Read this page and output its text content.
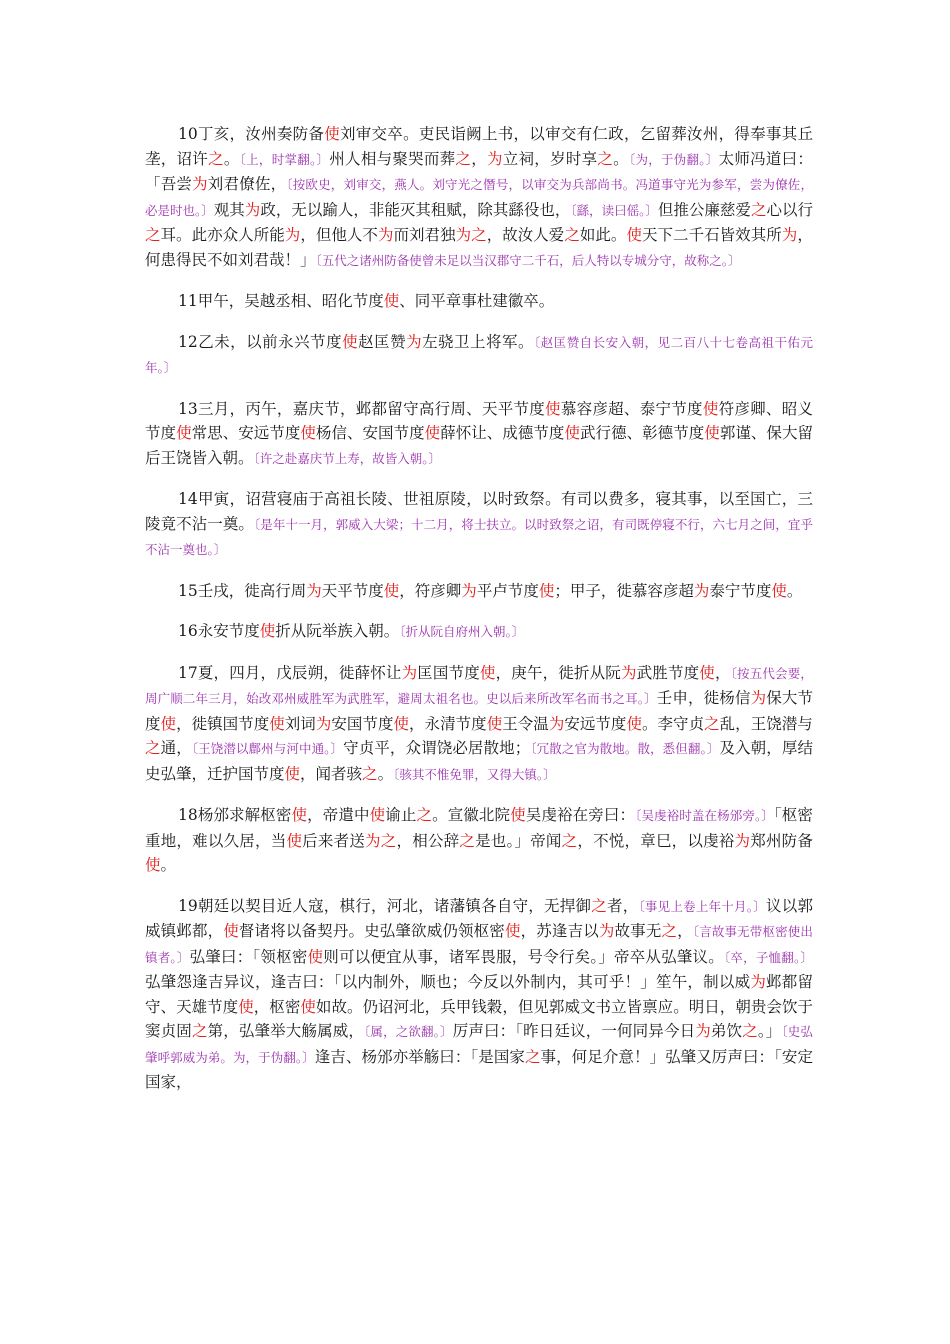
10丁亥，汝州奏防备使刘审交卒。吏民诣阙上书，以审交有仁政，乞留葬汝州，得奉事其丘垄，诏许之。〔上，时掌翻。〕州人相与聚哭而葬之，为立祠，岁时享之。〔为，于伪翻。〕太师冯道曰：「吾尝为刘君僚佐，〔按欧史，刘审交，燕人。刘守光之僭号，以审交为兵部尚书。冯道事守光为参军，尝为僚佐，必是时也。〕观其为政，无以踰人，非能灭其租赋，除其繇役也，〔繇，读曰傜。〕但推公廉慈爱之心以行之耳。此亦众人所能为，但他人不为而刘君独为之，故汝人爱之如此。使天下二千石皆效其所为，何患得民不如刘君哉！」〔五代之诸州防备使曾未足以当汉郡守二千石，后人特以专城分守，故称之。〕

11甲午，吴越丞相、昭化节度使、同平章事杜建徽卒。

12乙未，以前永兴节度使赵匡赞为左骁卫上将军。〔赵匡赞自长安入朝，见二百八十七卷高祖干佑元年。〕

13三月，丙午，嘉庆节，邺都留守高行周、天平节度使慕容彦超、泰宁节度使符彦卿、昭义节度使常思、安远节度使杨信、安国节度使薛怀让、成德节度使武行德、彰德节度使郭谨、保大留后王饶皆入朝。〔许之赴嘉庆节上寿，故皆入朝。〕

14甲寅，诏营寝庙于高祖长陵、世祖原陵，以时致祭。有司以费多，寝其事，以至国亡，三陵竟不沾一奠。〔是年十一月，郭威入大梁；十二月，将士扶立。以时致祭之诏，有司既停寝不行，六七月之间，宜乎不沾一奠也。〕

15壬戌，徙高行周为天平节度使，符彦卿为平卢节度使；甲子，徙慕容彦超为泰宁节度使。

16永安节度使折从阮举族入朝。〔折从阮自府州入朝。〕

17夏，四月，戊辰朔，徙薛怀让为匡国节度使，庚午，徙折从阮为武胜节度使，〔按五代会要，周广顺二年三月，始改邓州威胜军为武胜军，避周太祖名也。史以后来所改军名而书之耳。〕壬申，徙杨信为保大节度使，徙镇国节度使刘词为安国节度使，永清节度使王令温为安远节度使。李守贞之乱，王饶潜与之通，〔王饶潜以鄜州与河中通。〕守贞平，众谓饶必居散地；〔冗散之官为散地。散，悉但翻。〕及入朝，厚结史弘肇，迁护国节度使，闻者骇之。〔骇其不惟免罪，又得大镇。〕

18杨邠求解枢密使，帝遣中使谕止之。宣徽北院使吴虔裕在旁曰：〔吴虔裕时盖在杨邠旁。〕「枢密重地，难以久居，当使后来者送为之，相公辞之是也。」帝闻之，不悦，章巳，以虔裕为郑州防备使。

19朝廷以契目近人寇，棋行，河北，诸藩镇各自守，无捍御之者，〔事见上卷上年十月。〕议以郭威镇邺都，使督诸将以备契丹。史弘肇欲威仍领枢密使，苏逢吉以为故事无之，〔言故事无带枢密使出镇者。〕弘肇曰：「领枢密使则可以便宜从事，诸军畏服，号令行矣。」帝卒从弘肇议。〔卒，子恤翻。〕弘肇怨逢吉异议，逢吉曰：「以内制外，顺也；今反以外制内，其可乎！」笙午，制以威为邺都留守、天雄节度使，枢密使如故。仍诏河北，兵甲钱穀，但见郭威文书立皆禀应。明日，朝贵会饮于窦贞固之第，弘肇举大觞属威，〔属，之欲翻。〕厉声曰：「昨日廷议，一何同异今日为弟饮之。」〔史弘肇呼郭威为弟。为，于伪翻。〕逢吉、杨邠亦举觞曰：「是国家之事，何足介意！」弘肇又厉声曰：「安定国家，
